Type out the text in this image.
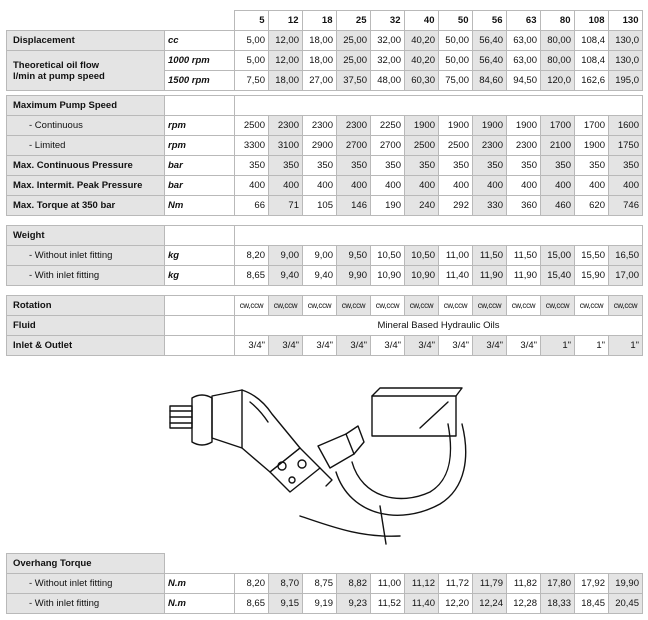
		5	12	18	25	32	40	50	56	63	80	108	130
Displacement	cc	5,00	12,00	18,00	25,00	32,00	40,20	50,00	56,40	63,00	80,00	108,4	130,0

Theoretical oil flow
l/min at pump speed	1000 rpm	5,00	12,00	18,00	25,00	32,00	40,20	50,00	56,40	63,00	80,00	108,4	130,0
	1500 rpm	7,50	18,00	27,00	37,50	48,00	60,30	75,00	84,60	94,50	120,0	162,6	195,0
Maximum Pump Speed													
- Continuous	rpm	2500	2300	2300	2300	2250	1900	1900	1900	1900	1700	1700	1600
- Limited	rpm	3300	3100	2900	2700	2700	2500	2500	2300	2300	2100	1900	1750
Max. Continuous Pressure	bar	350	350	350	350	350	350	350	350	350	350	350	350
Max. Intermit. Peak Pressure	bar	400	400	400	400	400	400	400	400	400	400	400	400
Max. Torque at 350 bar	Nm	66	71	105	146	190	240	292	330	360	460	620	746
Weight													
- Without inlet fitting	kg	8,20	9,00	9,00	9,50	10,50	10,50	11,00	11,50	11,50	15,00	15,50	16,50
- With inlet fitting	kg	8,65	9,40	9,40	9,90	10,90	10,90	11,40	11,90	11,90	15,40	15,90	17,00
Rotation		cw,ccw	cw,ccw	cw,ccw	cw,ccw	cw,ccw	cw,ccw	cw,ccw	cw,ccw	cw,ccw	cw,ccw	cw,ccw	cw,ccw
Fluid		Mineral Based Hydraulic Oils											
Inlet & Outlet		3/4"	3/4"	3/4"	3/4"	3/4"	3/4"	3/4"	3/4"	3/4"	1"	1"	1"
Overhang Torque													
- Without inlet fitting	N.m	8,20	8,70	8,75	8,82	11,00	11,12	11,72	11,79	11,82	17,80	17,92	19,90
- With inlet fitting	N.m	8,65	9,15	9,19	9,23	11,52	11,40	12,20	12,24	12,28	18,33	18,45	20,45
